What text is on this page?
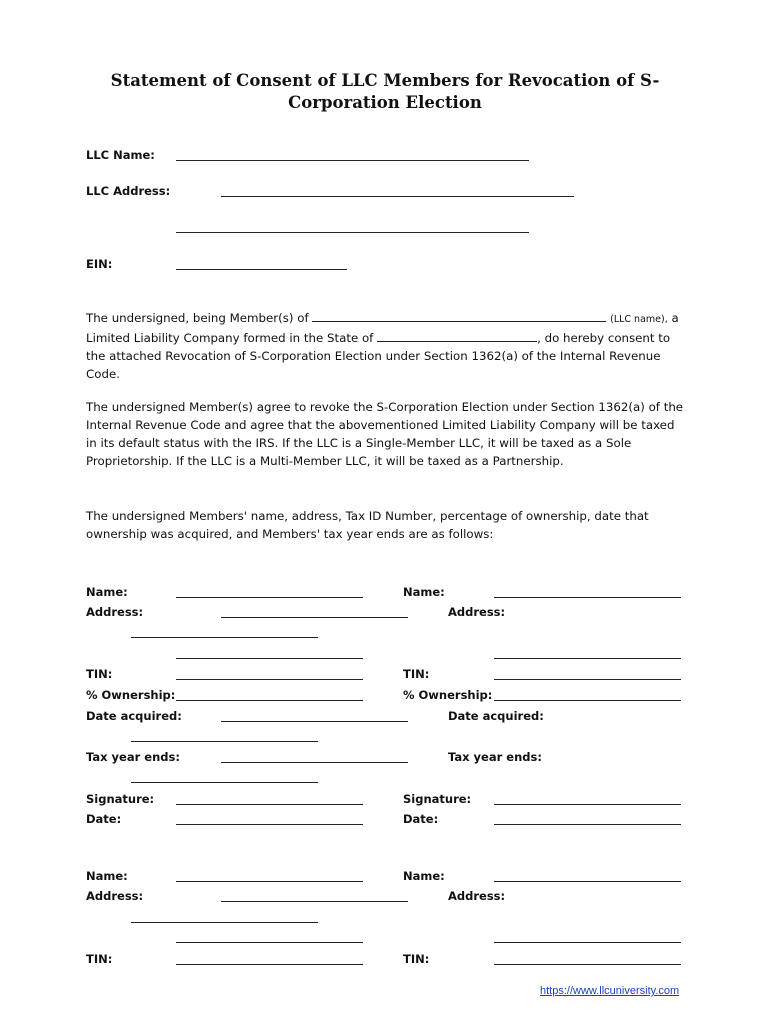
Statement of Consent of LLC Members for Revocation of S-Corporation Election
LLC Name:
LLC Address:
EIN:

The undersigned, being Member(s) of	(LLC name), a Limited Liability Company formed in the State of	, do hereby consent to the attached Revocation of S-Corporation Election under Section 1362(a) of the Internal Revenue Code.

The undersigned Member(s) agree to revoke the S-Corporation Election under Section 1362(a) of the Internal Revenue Code and agree that the abovementioned Limited Liability Company will be taxed in its default status with the IRS. If the LLC is a Single-Member LLC, it will be taxed as a Sole Proprietorship. If the LLC is a Multi-Member LLC, it will be taxed as a Partnership.

The undersigned Members' name, address, Tax ID Number, percentage of ownership, date that ownership was acquired, and Members' tax year ends are as follows:

Name:
Address:
TIN:
% Ownership:
Date acquired:
Tax year ends:
Signature:
Date:
Name:
Address:
TIN:
% Ownership:
Date acquired:
Tax year ends:
Signature:
Date:
Name:
Address:
TIN:
Name:
Address:
TIN:
https://www.llcuniversity.com
